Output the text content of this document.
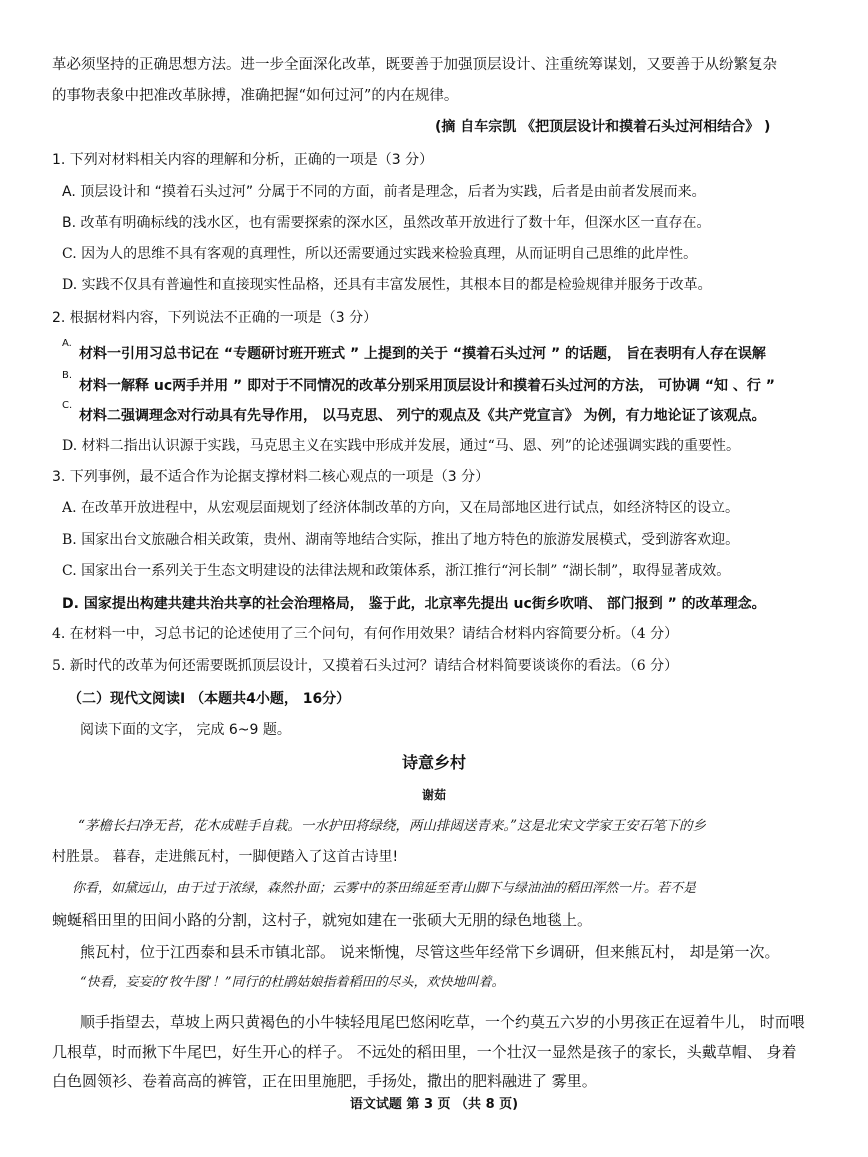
革必须坚持的正确思想方法。进一步全面深化改革，既要善于加强顶层设计、注重统筹谋划，又要善于从纷繁复杂
的事物表象中把准改革脉搏，准确把握“如何过河”的内在规律。
(摘 自车宗凯 《把顶层设计和摸着石头过河相结合》 )
1. 下列对材料相关内容的理解和分析，正确的一项是（3 分）
A. 顶层设计和 “摸着石头过河” 分属于不同的方面，前者是理念，后者为实践，后者是由前者发展而来。
B. 改革有明确标线的浅水区，也有需要探索的深水区，虽然改革开放进行了数十年，但深水区一直存在。
C. 因为人的思维不具有客观的真理性，所以还需要通过实践来检验真理，从而证明自己思维的此岸性。
D. 实践不仅具有普遍性和直接现实性品格，还具有丰富发展性，其根本目的都是检验规律并服务于改革。
2. 根据材料内容，下列说法不正确的一项是（3 分）
A.
材料一引用习总书记在 “专题研讨班开班式 ” 上提到的关于 “摸着石头过河 ” 的话题， 旨在表明有人存在误解
B.
材料一解释 uc两手并用 ” 即对于不同情况的改革分别采用顶层设计和摸着石头过河的方法， 可协调 “知 、行 ”
C.
材料二强调理念对行动具有先导作用， 以马克思、 列宁的观点及《共产党宣言》 为例，有力地论证了该观点。
D. 材料二指出认识源于实践，马克思主义在实践中形成并发展，通过“马、恩、列”的论述强调实践的重要性。
3. 下列事例，最不适合作为论据支撑材料二核心观点的一项是（3 分）
A. 在改革开放进程中，从宏观层面规划了经济体制改革的方向，又在局部地区进行试点，如经济特区的设立。
B. 国家出台文旅融合相关政策，贵州、湖南等地结合实际，推出了地方特色的旅游发展模式，受到游客欢迎。
C. 国家出台一系列关于生态文明建设的法律法规和政策体系，浙江推行“河长制” “湖长制”，取得显著成效。
D. 国家提出构建共建共治共享的社会治理格局， 鉴于此，北京率先提出 uc街乡吹哨、 部门报到 ” 的改革理念。
4. 在材料一中，习总书记的论述使用了三个问句，有何作用效果？请结合材料内容简要分析。（4 分）
5. 新时代的改革为何还需要既抓顶层设计，又摸着石头过河？请结合材料简要谈谈你的看法。（6 分）
（二）现代文阅读Ⅰ （本题共4小题， 16分）
阅读下面的文字， 完成 6~9 题。
诗意乡村
谢茹
“茅檐长扫净无苔，花木成畦手自栽。一水护田将绿绕，两山排闼送青来。”这是北宋文学家王安石笔下的乡
村胜景。 暮春，走进熊瓦村，一脚便踏入了这首古诗里!
你看，如黛远山，由于过于浓绿，森然扑面；云雾中的茶田绵延至青山脚下与绿油油的稻田浑然一片。若不是
蜿蜒稻田里的田间小路的分割，这村子，就宛如建在一张硕大无朋的绿色地毯上。
熊瓦村，位于江西泰和县禾市镇北部。 说来惭愧，尽管这些年经常下乡调研，但来熊瓦村， 却是第一次。
“快看，妄妄的‘牧牛图’！”同行的杜鹃姑娘指着稻田的尽头，欢快地叫着。
顺手指望去，草坡上两只黄褐色的小牛犊轻甩尾巴悠闲吃草，一个约莫五六岁的小男孩正在逗着牛儿， 时而喂
几根草，时而揪下牛尾巴，好生开心的样子。 不远处的稻田里，一个壮汉一显然是孩子的家长，头戴草帽、 身着
白色圆领衫、卷着高高的裤管，正在田里施肥，手扬处，撒出的肥料融进了 雾里。
语文试题 第 3 页 （共 8 页)
